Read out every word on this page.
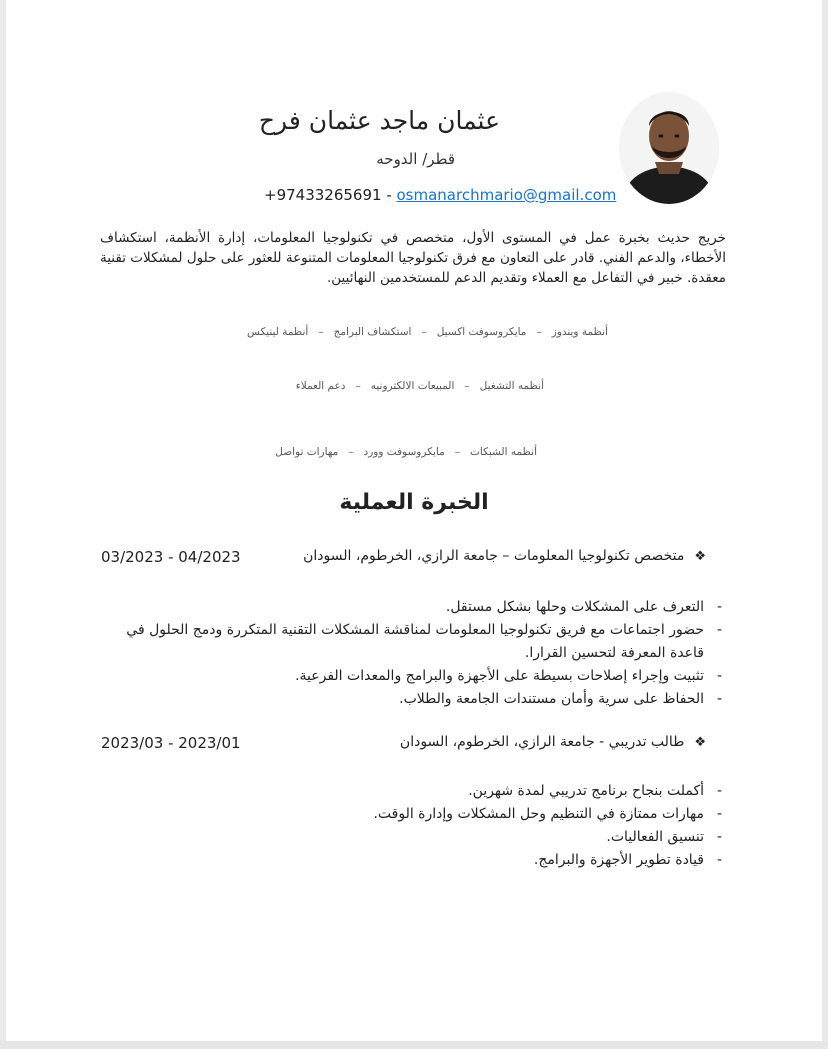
عثمان ماجد عثمان فرح
قطر/ الدوحه
+97433265691 - osmanarchmario@gmail.com
خريج حديث بخبرة عمل في المستوى الأول، متخصص في تكنولوجيا المعلومات، إدارة الأنظمة، استكشاف الأخطاء، والدعم الفني. قادر على التعاون مع فرق تكنولوجيا المعلومات المتنوعة للعثور على حلول لمشكلات تقنية معقدة. خبير في التفاعل مع العملاء وتقديم الدعم للمستخدمين النهائيين.
أنظمة ويندوز–مايكروسوفت اكسيل–استكشاف البرامج–أنظمة لينيكس
أنظمه التشغيل–المبيعات الالكترونيه–دعم العملاء
أنظمه الشبكات–مايكروسوفت وورد–مهارات تواصل
الخبرة العملية
❖متخصص تكنولوجيا المعلومات – جامعة الرازي، الخرطوم، السودان
03/2023 - 04/2023
-
التعرف على المشكلات وحلها بشكل مستقل.
-
حضور اجتماعات مع فريق تكنولوجيا المعلومات لمناقشة المشكلات التقنية المتكررة ودمج الحلول في قاعدة المعرفة لتحسين القرارا.
-
تثبيت وإجراء إصلاحات بسيطة على الأجهزة والبرامج والمعدات الفرعية.
-
الحفاظ على سرية وأمان مستندات الجامعة والطلاب.
❖طالب تدريبي - جامعة الرازي، الخرطوم، السودان
2023/03 - 2023/01
-
أكملت بنجاح برنامج تدريبي لمدة شهرين.
-
مهارات ممتازة في التنظيم وحل المشكلات وإدارة الوقت.
-
تنسيق الفعاليات.
-
قيادة تطوير الأجهزة والبرامج.
